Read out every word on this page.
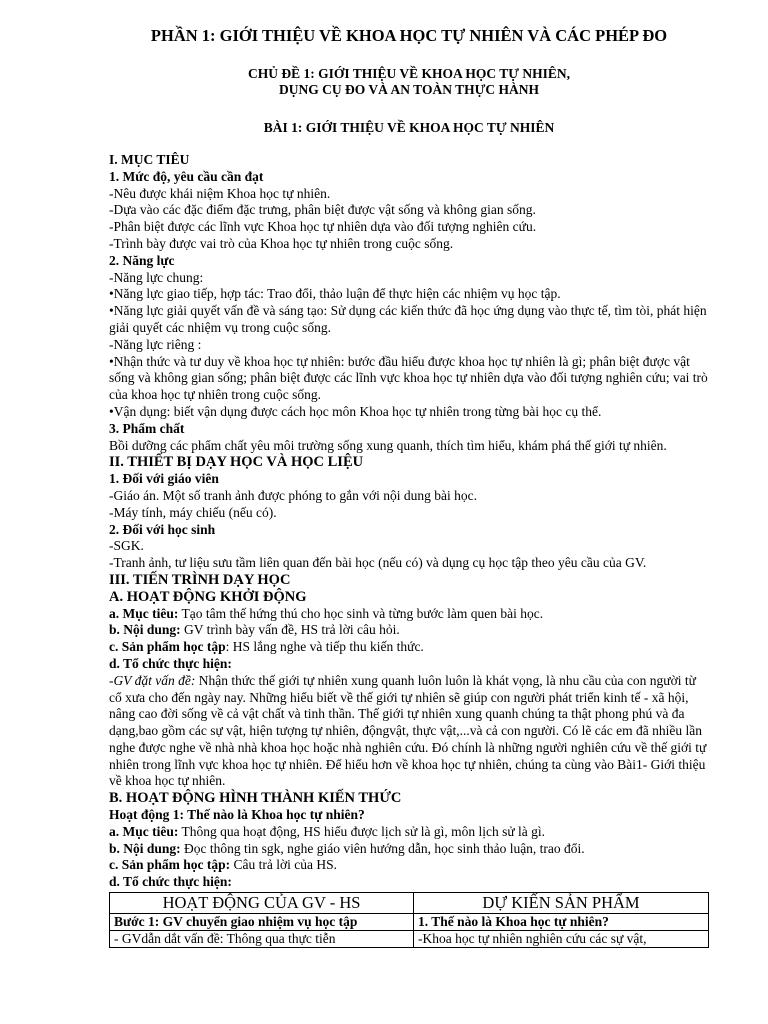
PHẦN 1: GIỚI THIỆU VỀ KHOA HỌC TỰ NHIÊN VÀ CÁC PHÉP ĐO
CHỦ ĐỀ 1: GIỚI THIỆU VỀ KHOA HỌC TỰ NHIÊN,
DỤNG CỤ ĐO VÀ AN TOÀN THỰC HÀNH
BÀI 1: GIỚI THIỆU VỀ KHOA HỌC TỰ NHIÊN

I. MỤC TIÊU

1. Mức độ, yêu cầu cần đạt

-Nêu được khái niệm Khoa học tự nhiên.

-Dựa vào các đặc điểm đặc trưng, phân biệt được vật sống và không gian sống.

-Phân biệt được các lĩnh vực Khoa học tự nhiên dựa vào đối tượng nghiên cứu.

-Trình bày được vai trò của Khoa học tự nhiên trong cuộc sống.

2. Năng lực

-Năng lực chung:

•Năng lực giao tiếp, hợp tác: Trao đổi, thảo luận để thực hiện các nhiệm vụ học tập.

•Năng lực giải quyết vấn đề và sáng tạo: Sử dụng các kiến thức đã học ứng dụng vào thực tế, tìm tòi, phát hiện giải quyết các nhiệm vụ trong cuộc sống.

-Năng lực riêng :

•Nhận thức và tư duy về khoa học tự nhiên: bước đầu hiểu được khoa học tự nhiên là gì; phân biệt được vật sống và không gian sống; phân biệt được các lĩnh vực khoa học tự nhiên dựa vào đối tượng nghiên cứu; vai trò của khoa học tự nhiên trong cuộc sống.

•Vận dụng: biết vận dụng được cách học môn Khoa học tự nhiên trong từng bài học cụ thể.

3. Phẩm chất

Bồi dưỡng các phẩm chất yêu môi trường sống xung quanh, thích tìm hiểu, khám phá thế giới tự nhiên.

II. THIẾT BỊ DẠY HỌC VÀ HỌC LIỆU

1. Đối với giáo viên

-Giáo án. Một số tranh ảnh được phóng to gắn với nội dung bài học.

-Máy tính, máy chiếu (nếu có).

2. Đối với học sinh

-SGK.

-Tranh ảnh, tư liệu sưu tầm liên quan đến bài học (nếu có) và dụng cụ học tập theo yêu cầu của GV.

III. TIẾN TRÌNH DẠY HỌC

A. HOẠT ĐỘNG KHỞI ĐỘNG

a. Mục tiêu: Tạo tâm thế hứng thú cho học sinh và từng bước làm quen bài học.

b. Nội dung: GV trình bày vấn đề, HS trả lời câu hỏi.

c. Sản phẩm học tập: HS lắng nghe và tiếp thu kiến thức.

d. Tổ chức thực hiện:

-GV đặt vấn đề: Nhận thức thế giới tự nhiên xung quanh luôn luôn là khát vọng, là nhu cầu của con người từ cổ xưa cho đến ngày nay. Những hiểu biết về thế giới tự nhiên sẽ giúp con người phát triển kinh tế - xã hội, nâng cao đời sống về cả vật chất và tinh thần. Thế giới tự nhiên xung quanh chúng ta thật phong phú và đa dạng,bao gồm các sự vật, hiện tượng tự nhiên, độngvật, thực vật,...và cả con người. Có lẽ các em đã nhiều lần nghe được nghe về nhà nhà khoa học hoặc nhà nghiên cứu. Đó chính là những người nghiên cứu về thế giới tự nhiên trong lĩnh vực khoa học tự nhiên. Để hiểu hơn về khoa học tự nhiên, chúng ta cùng vào Bài1- Giới thiệu về khoa học tự nhiên.

B. HOẠT ĐỘNG HÌNH THÀNH KIẾN THỨC

Hoạt động 1: Thế nào là Khoa học tự nhiên?

a. Mục tiêu: Thông qua hoạt động, HS hiểu được lịch sử là gì, môn lịch sử là gì.

b. Nội dung: Đọc thông tin sgk, nghe giáo viên hướng dẫn, học sinh thảo luận, trao đổi.

c. Sản phẩm học tập: Câu trả lời của HS.

d. Tổ chức thực hiện:

HOẠT ĐỘNG CỦA GV - HS	DỰ KIẾN SẢN PHẨM
Bước 1: GV chuyển giao nhiệm vụ học tập	1. Thế nào là Khoa học tự nhiên?
- GVdẫn dắt vấn đề: Thông qua thực tiễn	-Khoa học tự nhiên nghiên cứu các sự vật,
